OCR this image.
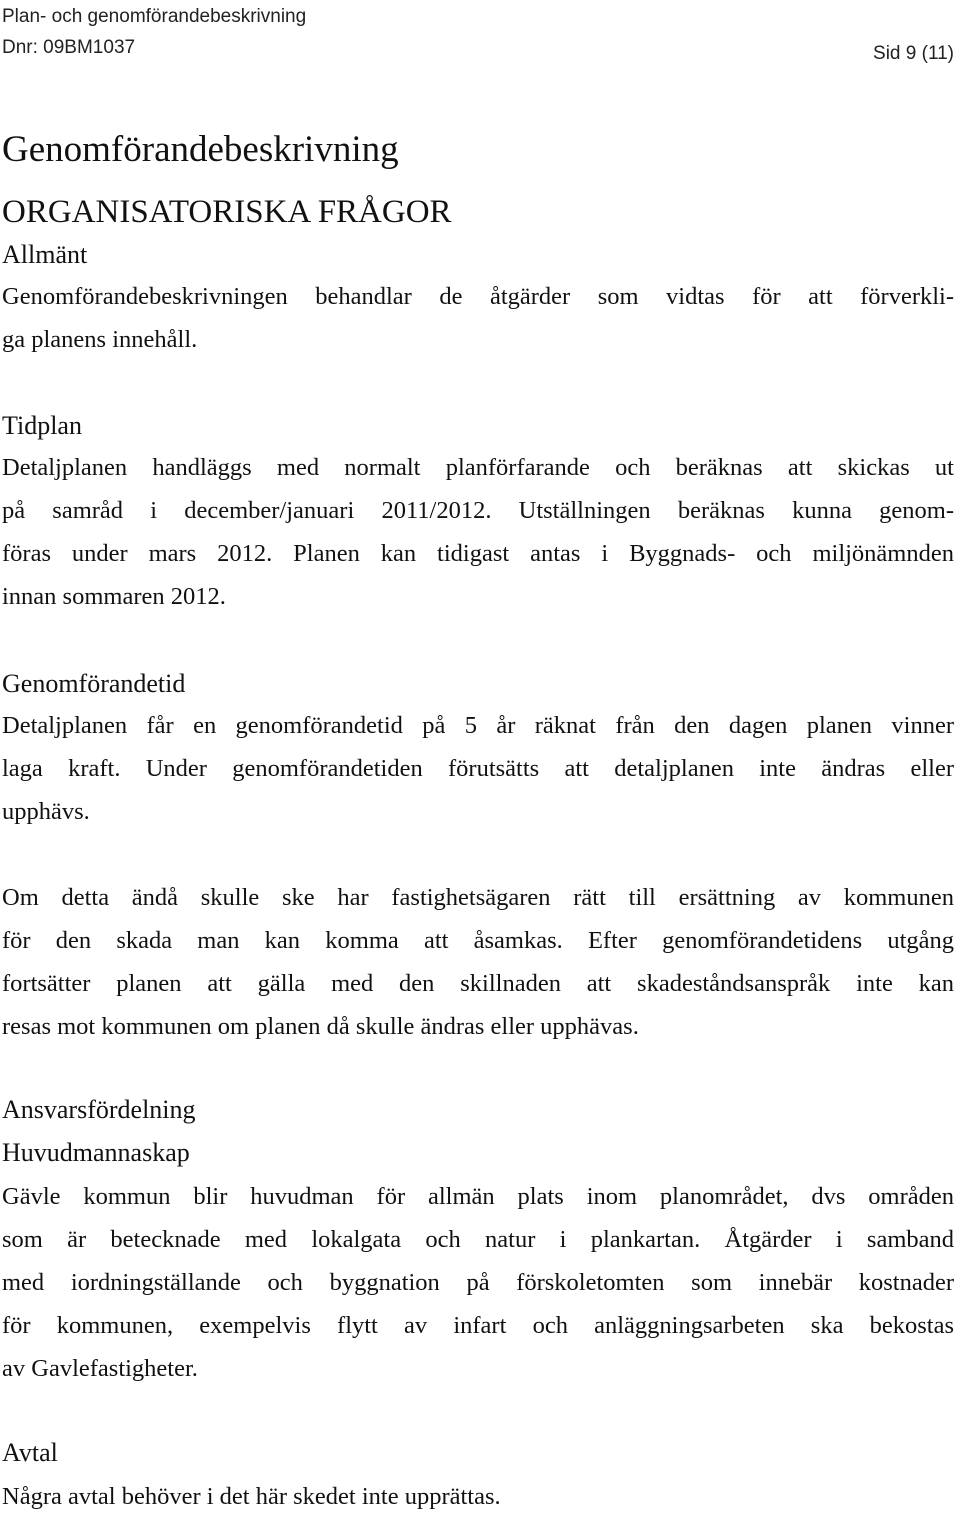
Plan- och genomförandebeskrivning
Dnr: 09BM1037	Sid 9 (11)
Genomförandebeskrivning
ORGANISATORISKA FRÅGOR
Allmänt

Genomförandebeskrivningen behandlar de åtgärder som vidtas för att förverkli-
ga planens innehåll.

Tidplan

Detaljplanen handläggs med normalt planförfarande och beräknas att skickas ut
på samråd i december/januari 2011/2012. Utställningen beräknas kunna genom-
föras under mars 2012. Planen kan tidigast antas i Byggnads- och miljönämnden
innan sommaren 2012.

Genomförandetid

Detaljplanen får en genomförandetid på 5 år räknat från den dagen planen vinner
laga kraft. Under genomförandetiden förutsätts att detaljplanen inte ändras eller
upphävs.

Om detta ändå skulle ske har fastighetsägaren rätt till ersättning av kommunen
för den skada man kan komma att åsamkas. Efter genomförandetidens utgång
fortsätter planen att gälla med den skillnaden att skadeståndsanspråk inte kan
resas mot kommunen om planen då skulle ändras eller upphävas.

Ansvarsfördelning
Huvudmannaskap

Gävle kommun blir huvudman för allmän plats inom planområdet, dvs områden
som är betecknade med lokalgata och natur i plankartan. Åtgärder i samband
med iordningställande och byggnation på förskoletomten som innebär kostnader
för kommunen, exempelvis flytt av infart och anläggningsarbeten ska bekostas
av Gavlefastigheter.

Avtal

Några avtal behöver i det här skedet inte upprättas.
